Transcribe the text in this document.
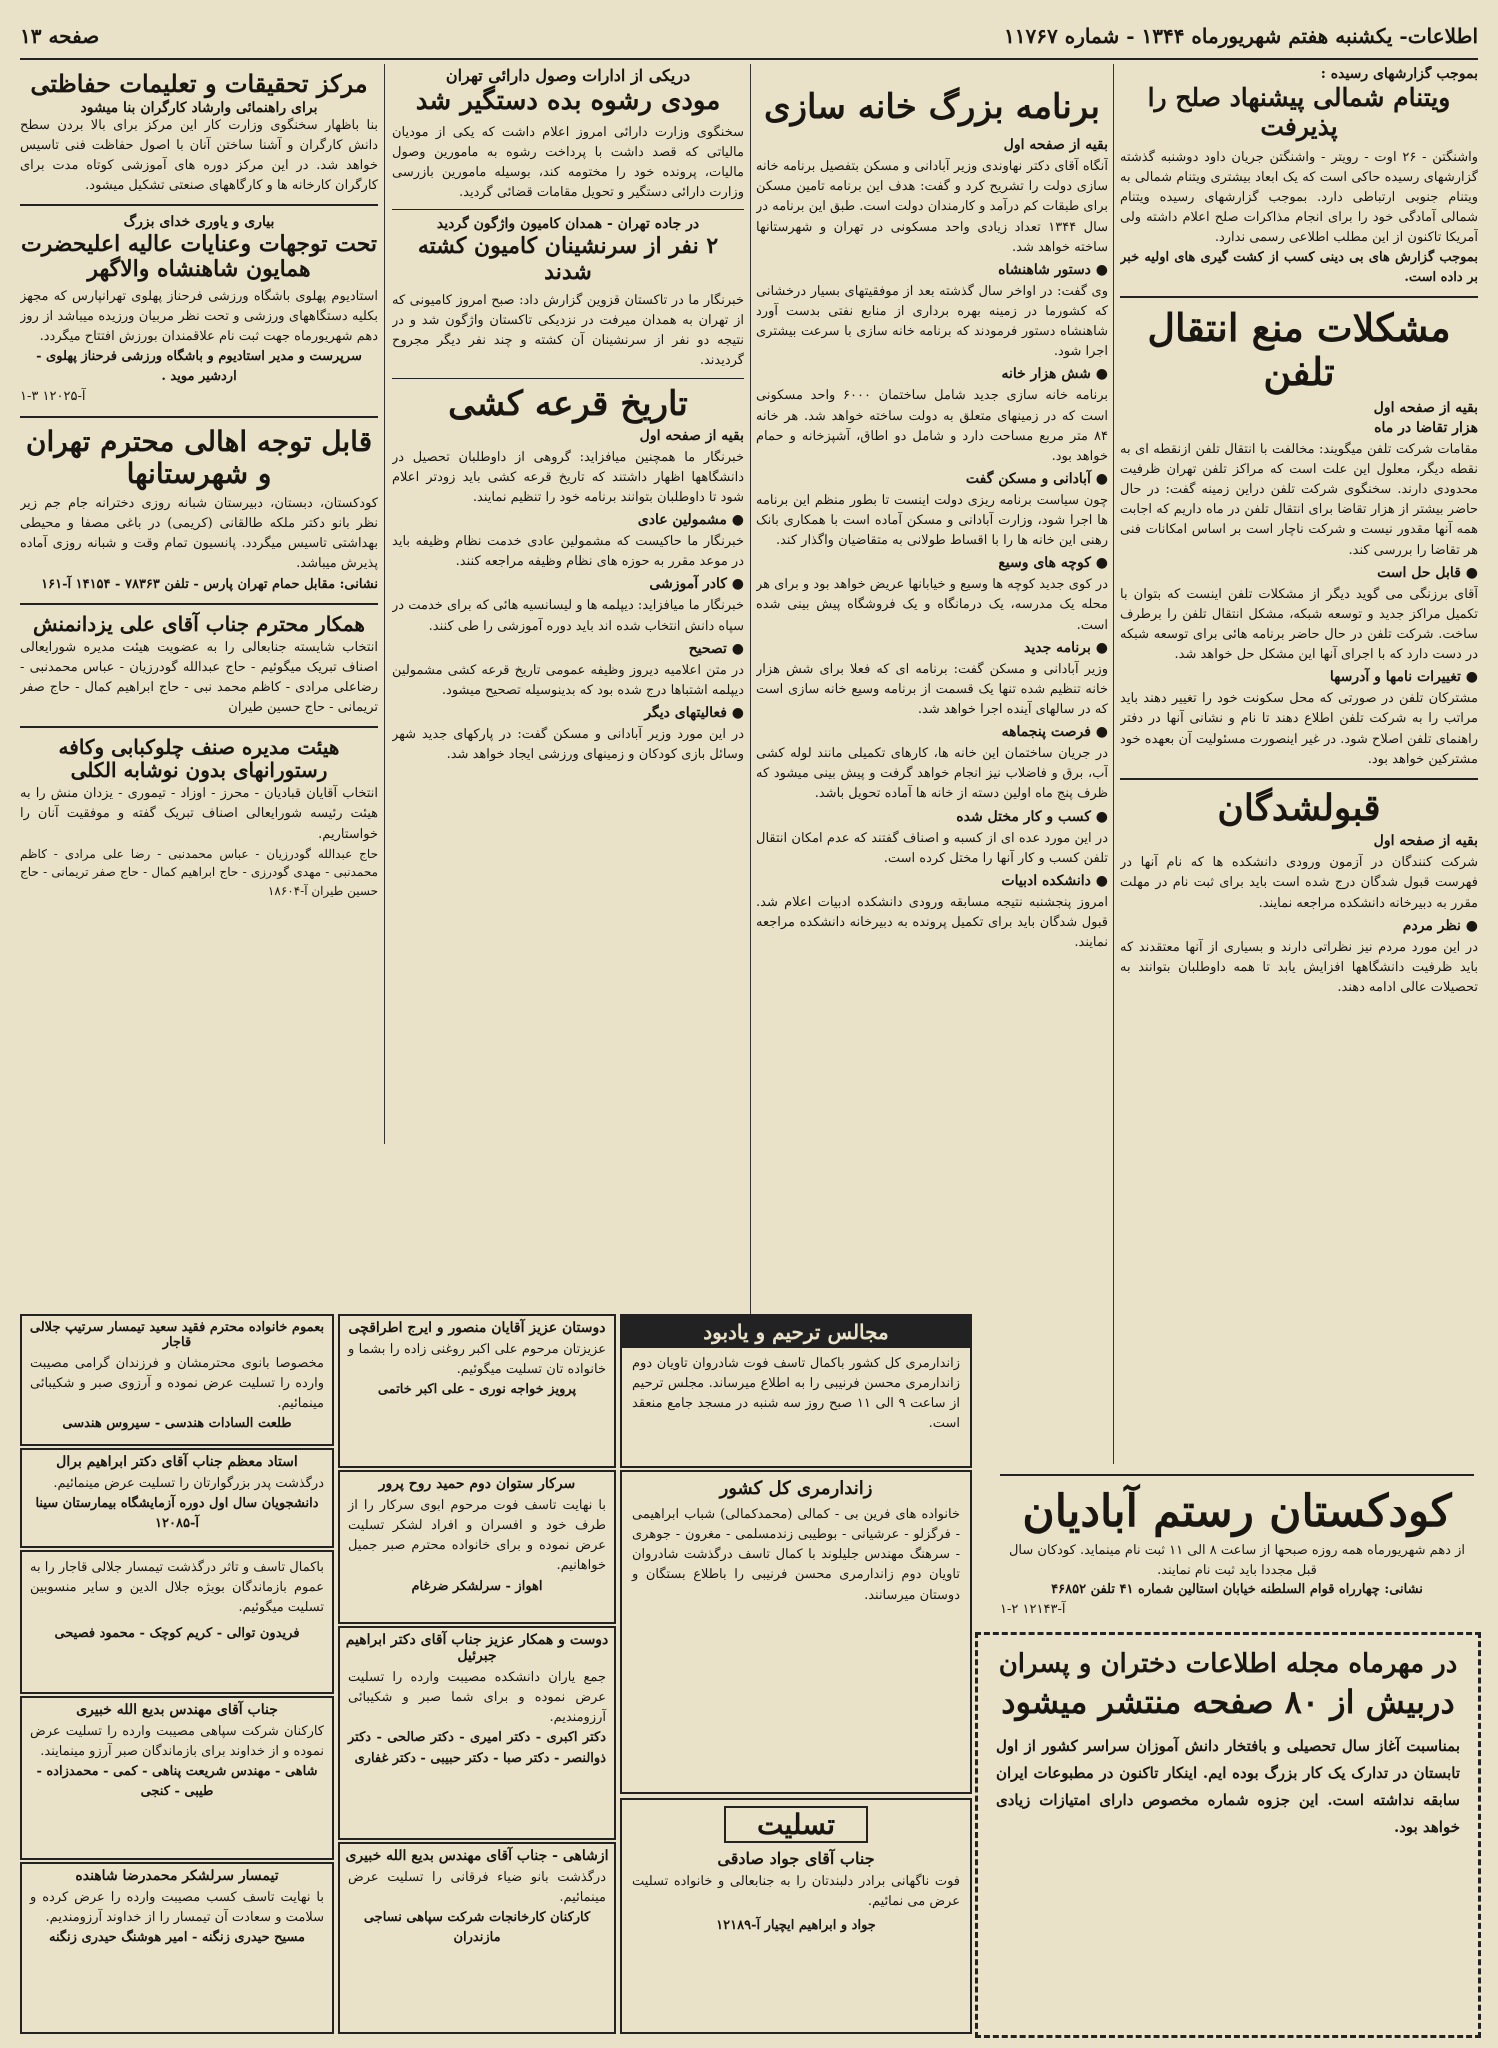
صفحه ۱۳	اطلاعات- یکشنبه هفتم شهریورماه ۱۳۴۴ - شماره ۱۱۷۶۷
بموجب گزارشهای رسیده :
ویتنام شمالی پیشنهاد صلح را پذیرفت
واشنگتن - ۲۶ اوت - رویتر - واشنگتن جریان داود دوشنبه گذشته گزارشهای رسیده حاکی است که یک ابعاد بیشتری ویتنام شمالی به ویتنام جنوبی ارتباطی دارد. بموجب گزارشهای رسیده ویتنام شمالی آمادگی خود را برای انجام مذاکرات صلح اعلام داشته ولی آمریکا تاکنون از این مطلب اطلاعی رسمی ندارد.
بموجب گزارش های بی دینی کسب از کشت گیری های اولیه خبر بر داده است.
مشکلات منع انتقال تلفن
بقیه از صفحه اول
هزار تقاضا در ماه
مقامات شرکت تلفن میگویند: مخالفت با انتقال تلفن ازنقطه ای به نقطه دیگر، معلول این علت است که مراکز تلفن تهران ظرفیت محدودی دارند. سخنگوی شرکت تلفن دراین زمینه گفت: در حال حاضر بیشتر از هزار تقاضا برای انتقال تلفن در ماه داریم که اجابت همه آنها مقدور نیست و شرکت ناچار است بر اساس امکانات فنی هر تقاضا را بررسی کند.
● قابل حل است
آقای برزنگی می گوید دیگر از مشکلات تلفن اینست که بتوان با تکمیل مراکز جدید و توسعه شبکه، مشکل انتقال تلفن را برطرف ساخت. شرکت تلفن در حال حاضر برنامه هائی برای توسعه شبکه در دست دارد که با اجرای آنها این مشکل حل خواهد شد.
● تغییرات نامها و آدرسها
مشترکان تلفن در صورتی که محل سکونت خود را تغییر دهند باید مراتب را به شرکت تلفن اطلاع دهند تا نام و نشانی آنها در دفتر راهنمای تلفن اصلاح شود. در غیر اینصورت مسئولیت آن بعهده خود مشترکین خواهد بود.
قبولشدگان
بقیه از صفحه اول
شرکت کنندگان در آزمون ورودی دانشکده ها که نام آنها در فهرست قبول شدگان درج شده است باید برای ثبت نام در مهلت مقرر به دبیرخانه دانشکده مراجعه نمایند.
● نظر مردم
در این مورد مردم نیز نظراتی دارند و بسیاری از آنها معتقدند که باید ظرفیت دانشگاهها افزایش یابد تا همه داوطلبان بتوانند به تحصیلات عالی ادامه دهند.
برنامه بزرگ خانه سازی
بقیه از صفحه اول
آنگاه آقای دکتر نهاوندی وزیر آبادانی و مسکن بتفصیل برنامه خانه سازی دولت را تشریح کرد و گفت: هدف این برنامه تامین مسکن برای طبقات کم درآمد و کارمندان دولت است. طبق این برنامه در سال ۱۳۴۴ تعداد زیادی واحد مسکونی در تهران و شهرستانها ساخته خواهد شد.
● دستور شاهنشاه
وی گفت: در اواخر سال گذشته بعد از موفقیتهای بسیار درخشانی که کشورما در زمینه بهره برداری از منابع نفتی بدست آورد شاهنشاه دستور فرمودند که برنامه خانه سازی با سرعت بیشتری اجرا شود.
● شش هزار خانه
برنامه خانه سازی جدید شامل ساختمان ۶۰۰۰ واحد مسکونی است که در زمینهای متعلق به دولت ساخته خواهد شد. هر خانه ۸۴ متر مربع مساحت دارد و شامل دو اطاق، آشپزخانه و حمام خواهد بود.
● آبادانی و مسکن گفت
چون سیاست برنامه ریزی دولت اینست تا بطور منظم این برنامه ها اجرا شود، وزارت آبادانی و مسکن آماده است با همکاری بانک رهنی این خانه ها را با اقساط طولانی به متقاضیان واگذار کند.
● کوچه های وسیع
در کوی جدید کوچه ها وسیع و خیابانها عریض خواهد بود و برای هر محله یک مدرسه، یک درمانگاه و یک فروشگاه پیش بینی شده است.
● برنامه جدید
وزیر آبادانی و مسکن گفت: برنامه ای که فعلا برای شش هزار خانه تنظیم شده تنها یک قسمت از برنامه وسیع خانه سازی است که در سالهای آینده اجرا خواهد شد.
● فرصت پنجماهه
در جریان ساختمان این خانه ها، کارهای تکمیلی مانند لوله کشی آب، برق و فاضلاب نیز انجام خواهد گرفت و پیش بینی میشود که ظرف پنج ماه اولین دسته از خانه ها آماده تحویل باشد.
● کسب و کار مختل شده
در این مورد عده ای از کسبه و اصناف گفتند که عدم امکان انتقال تلفن کسب و کار آنها را مختل کرده است.
● دانشکده ادبیات
امروز پنجشنبه نتیجه مسابقه ورودی دانشکده ادبیات اعلام شد. قبول شدگان باید برای تکمیل پرونده به دبیرخانه دانشکده مراجعه نمایند.
دریکی از ادارات وصول دارائی تهران
مودی رشوه بده دستگیر شد
سخنگوی وزارت دارائی امروز اعلام داشت که یکی از مودیان مالیاتی که قصد داشت با پرداخت رشوه به مامورین وصول مالیات، پرونده خود را مختومه کند، بوسیله مامورین بازرسی وزارت دارائی دستگیر و تحویل مقامات قضائی گردید.
در جاده تهران - همدان کامیون واژگون گردید
۲ نفر از سرنشینان کامیون کشته شدند
خبرنگار ما در تاکستان قزوین گزارش داد: صبح امروز کامیونی که از تهران به همدان میرفت در نزدیکی تاکستان واژگون شد و در نتیجه دو نفر از سرنشینان آن کشته و چند نفر دیگر مجروح گردیدند.
تاریخ قرعه کشی
بقیه از صفحه اول
خبرنگار ما همچنین میافزاید: گروهی از داوطلبان تحصیل در دانشگاهها اظهار داشتند که تاریخ قرعه کشی باید زودتر اعلام شود تا داوطلبان بتوانند برنامه خود را تنظیم نمایند.
● مشمولین عادی
خبرنگار ما حاکیست که مشمولین عادی خدمت نظام وظیفه باید در موعد مقرر به حوزه های نظام وظیفه مراجعه کنند.
● کادر آموزشی
خبرنگار ما میافزاید: دیپلمه ها و لیسانسیه هائی که برای خدمت در سپاه دانش انتخاب شده اند باید دوره آموزشی را طی کنند.
● تصحیح
در متن اعلامیه دیروز وظیفه عمومی تاریخ قرعه کشی مشمولین دیپلمه اشتباها درج شده بود که بدینوسیله تصحیح میشود.
● فعالیتهای دیگر
در این مورد وزیر آبادانی و مسکن گفت: در پارکهای جدید شهر وسائل بازی کودکان و زمینهای ورزشی ایجاد خواهد شد.
مرکز تحقیقات و تعلیمات حفاظتی
برای راهنمائی وارشاد کارگران بنا میشود
بنا باظهار سخنگوی وزارت کار این مرکز برای بالا بردن سطح دانش کارگران و آشنا ساختن آنان با اصول حفاظت فنی تاسیس خواهد شد. در این مرکز دوره های آموزشی کوتاه مدت برای کارگران کارخانه ها و کارگاههای صنعتی تشکیل میشود.
بیاری و یاوری خدای بزرگ
تحت توجهات وعنایات عالیه اعلیحضرت همایون شاهنشاه والاگهر
استادیوم پهلوی باشگاه ورزشی فرحناز پهلوی تهرانپارس که مجهز بکلیه دستگاههای ورزشی و تحت نظر مربیان ورزیده میباشد از روز دهم شهریورماه جهت ثبت نام علاقمندان بورزش افتتاح میگردد.
سرپرست و مدیر استادیوم و باشگاه ورزشی فرحناز پهلوی - اردشیر موید .
آ-۱۲۰۲۵ ۳-۱
قابل توجه اهالی محترم تهران و شهرستانها
کودکستان، دبستان، دبیرستان شبانه روزی دخترانه جام جم زیر نظر بانو دکتر ملکه طالقانی (کریمی) در باغی مصفا و محیطی بهداشتی تاسیس میگردد. پانسیون تمام وقت و شبانه روزی آماده پذیرش میباشد.
نشانی: مقابل حمام تهران پارس - تلفن ۷۸۳۶۳ - ۱۴۱۵۴ آ-۱۶۱
همکار محترم جناب آقای علی یزدانمنش
انتخاب شایسته جنابعالی را به عضویت هیئت مدیره شورایعالی اصناف تبریک میگوئیم - حاج عبدالله گودرزیان - عباس محمدنبی - رضاعلی مرادی - کاظم محمد نبی - حاج ابراهیم کمال - حاج صفر تریمانی - حاج حسین طیران
هیئت مدیره صنف چلوکبابی وکافه رستورانهای بدون نوشابه الکلی
انتخاب آقایان قبادیان - محرز - اوزاد - تیموری - یزدان منش را به هیئت رئیسه شورایعالی اصناف تبریک گفته و موفقیت آنان را خواستاریم.
حاج عبدالله گودرزیان - عباس محمدنبی - رضا علی مرادی - کاظم محمدنبی - مهدی گودرزی - حاج ابراهیم کمال - حاج صفر تریمانی - حاج حسین طیران آ-۱۸۶۰۴
کودکستان رستم آبادیان
از دهم شهریورماه همه روزه صبحها از ساعت ۸ الی ۱۱ ثبت نام مینماید. کودکان سال قبل مجددا باید ثبت نام نمایند.
نشانی: چهارراه قوام السلطنه خیابان استالین شماره ۴۱ تلفن ۴۶۸۵۲
آ-۱۲۱۴۳ ۲-۱
در مهرماه مجله اطلاعات دختران و پسران
دربیش از ۸۰ صفحه منتشر میشود
بمناسبت آغاز سال تحصیلی و بافتخار دانش آموزان سراسر کشور از اول تابستان در تدارک یک کار بزرگ بوده ایم. اینکار تاکنون در مطبوعات ایران سابقه نداشته است. این جزوه شماره مخصوص دارای امتیازات زیادی خواهد بود.
مجالس ترحیم و یادبود
زاندارمری کل کشور باکمال تاسف فوت شادروان تاویان دوم زاندارمری محسن فرنیبی را به اطلاع میرساند. مجلس ترحیم از ساعت ۹ الی ۱۱ صبح روز سه شنبه در مسجد جامع منعقد است.
زاندارمری کل کشور
خانواده های فرین بی - کمالی (محمدکمالی) شباب ابراهیمی - فرگزلو - عرشیانی - بوطیبی زندمسلمی - مغرون - جوهری - سرهنگ مهندس جلیلوند با کمال تاسف درگذشت شادروان تاویان دوم زاندارمری محسن فرنیبی را باطلاع بستگان و دوستان میرسانند.
تسلیت
جناب آقای جواد صادقی
فوت ناگهانی برادر دلبندتان را به جنابعالی و خانواده تسلیت عرض می نمائیم.
جواد و ابراهیم ایچیار آ-۱۲۱۸۹
دوستان عزیز آقایان منصور و ایرج اطراقچی
عزیزتان مرحوم علی اکبر روغنی زاده را بشما و خانواده تان تسلیت میگوئیم.
پرویز خواجه نوری - علی اکبر خاتمی
سرکار ستوان دوم حمید روح پرور
با نهایت تاسف فوت مرحوم ابوی سرکار را از طرف خود و افسران و افراد لشکر تسلیت عرض نموده و برای خانواده محترم صبر جمیل خواهانیم.
اهواز - سرلشکر ضرغام
دوست و همکار عزیز جناب آقای دکتر ابراهیم جبرئیل
جمع یاران دانشکده مصیبت وارده را تسلیت عرض نموده و برای شما صبر و شکیبائی آرزومندیم.
دکتر اکبری - دکتر امیری - دکتر صالحی - دکتر ذوالنصر - دکتر صبا - دکتر حبیبی - دکتر غفاری
ازشاهی - جناب آقای مهندس بدیع الله خبیری
درگذشت بانو ضیاء فرقانی را تسلیت عرض مینمائیم.
کارکنان کارخانجات شرکت سپاهی نساجی مازندران
بعموم خانواده محترم فقید سعید تیمسار سرتیپ جلالی قاجار
مخصوصا بانوی محترمشان و فرزندان گرامی مصیبت وارده را تسلیت عرض نموده و آرزوی صبر و شکیبائی مینمائیم.
طلعت السادات هندسی - سیروس هندسی
استاد معظم جناب آقای دکتر ابراهیم برال
درگذشت پدر بزرگوارتان را تسلیت عرض مینمائیم.
دانشجویان سال اول دوره آزمایشگاه بیمارستان سینا آ-۱۲۰۸۵
باکمال تاسف و تاثر درگذشت تیمسار جلالی قاجار را به عموم بازماندگان بویژه جلال الدین و سایر منسوبین تسلیت میگوئیم.
فریدون توالی - کریم کوچک - محمود فصیحی
جناب آقای مهندس بدیع الله خبیری
کارکنان شرکت سپاهی مصیبت وارده را تسلیت عرض نموده و از خداوند برای بازماندگان صبر آرزو مینمایند.
شاهی - مهندس شریعت پناهی - کمی - محمدزاده - طیبی - کنجی
تیمسار سرلشکر محمدرضا شاهنده
با نهایت تاسف کسب مصیبت وارده را عرض کرده و سلامت و سعادت آن تیمسار را از خداوند آرزومندیم.
مسیح حیدری زنگنه - امیر هوشنگ حیدری زنگنه
